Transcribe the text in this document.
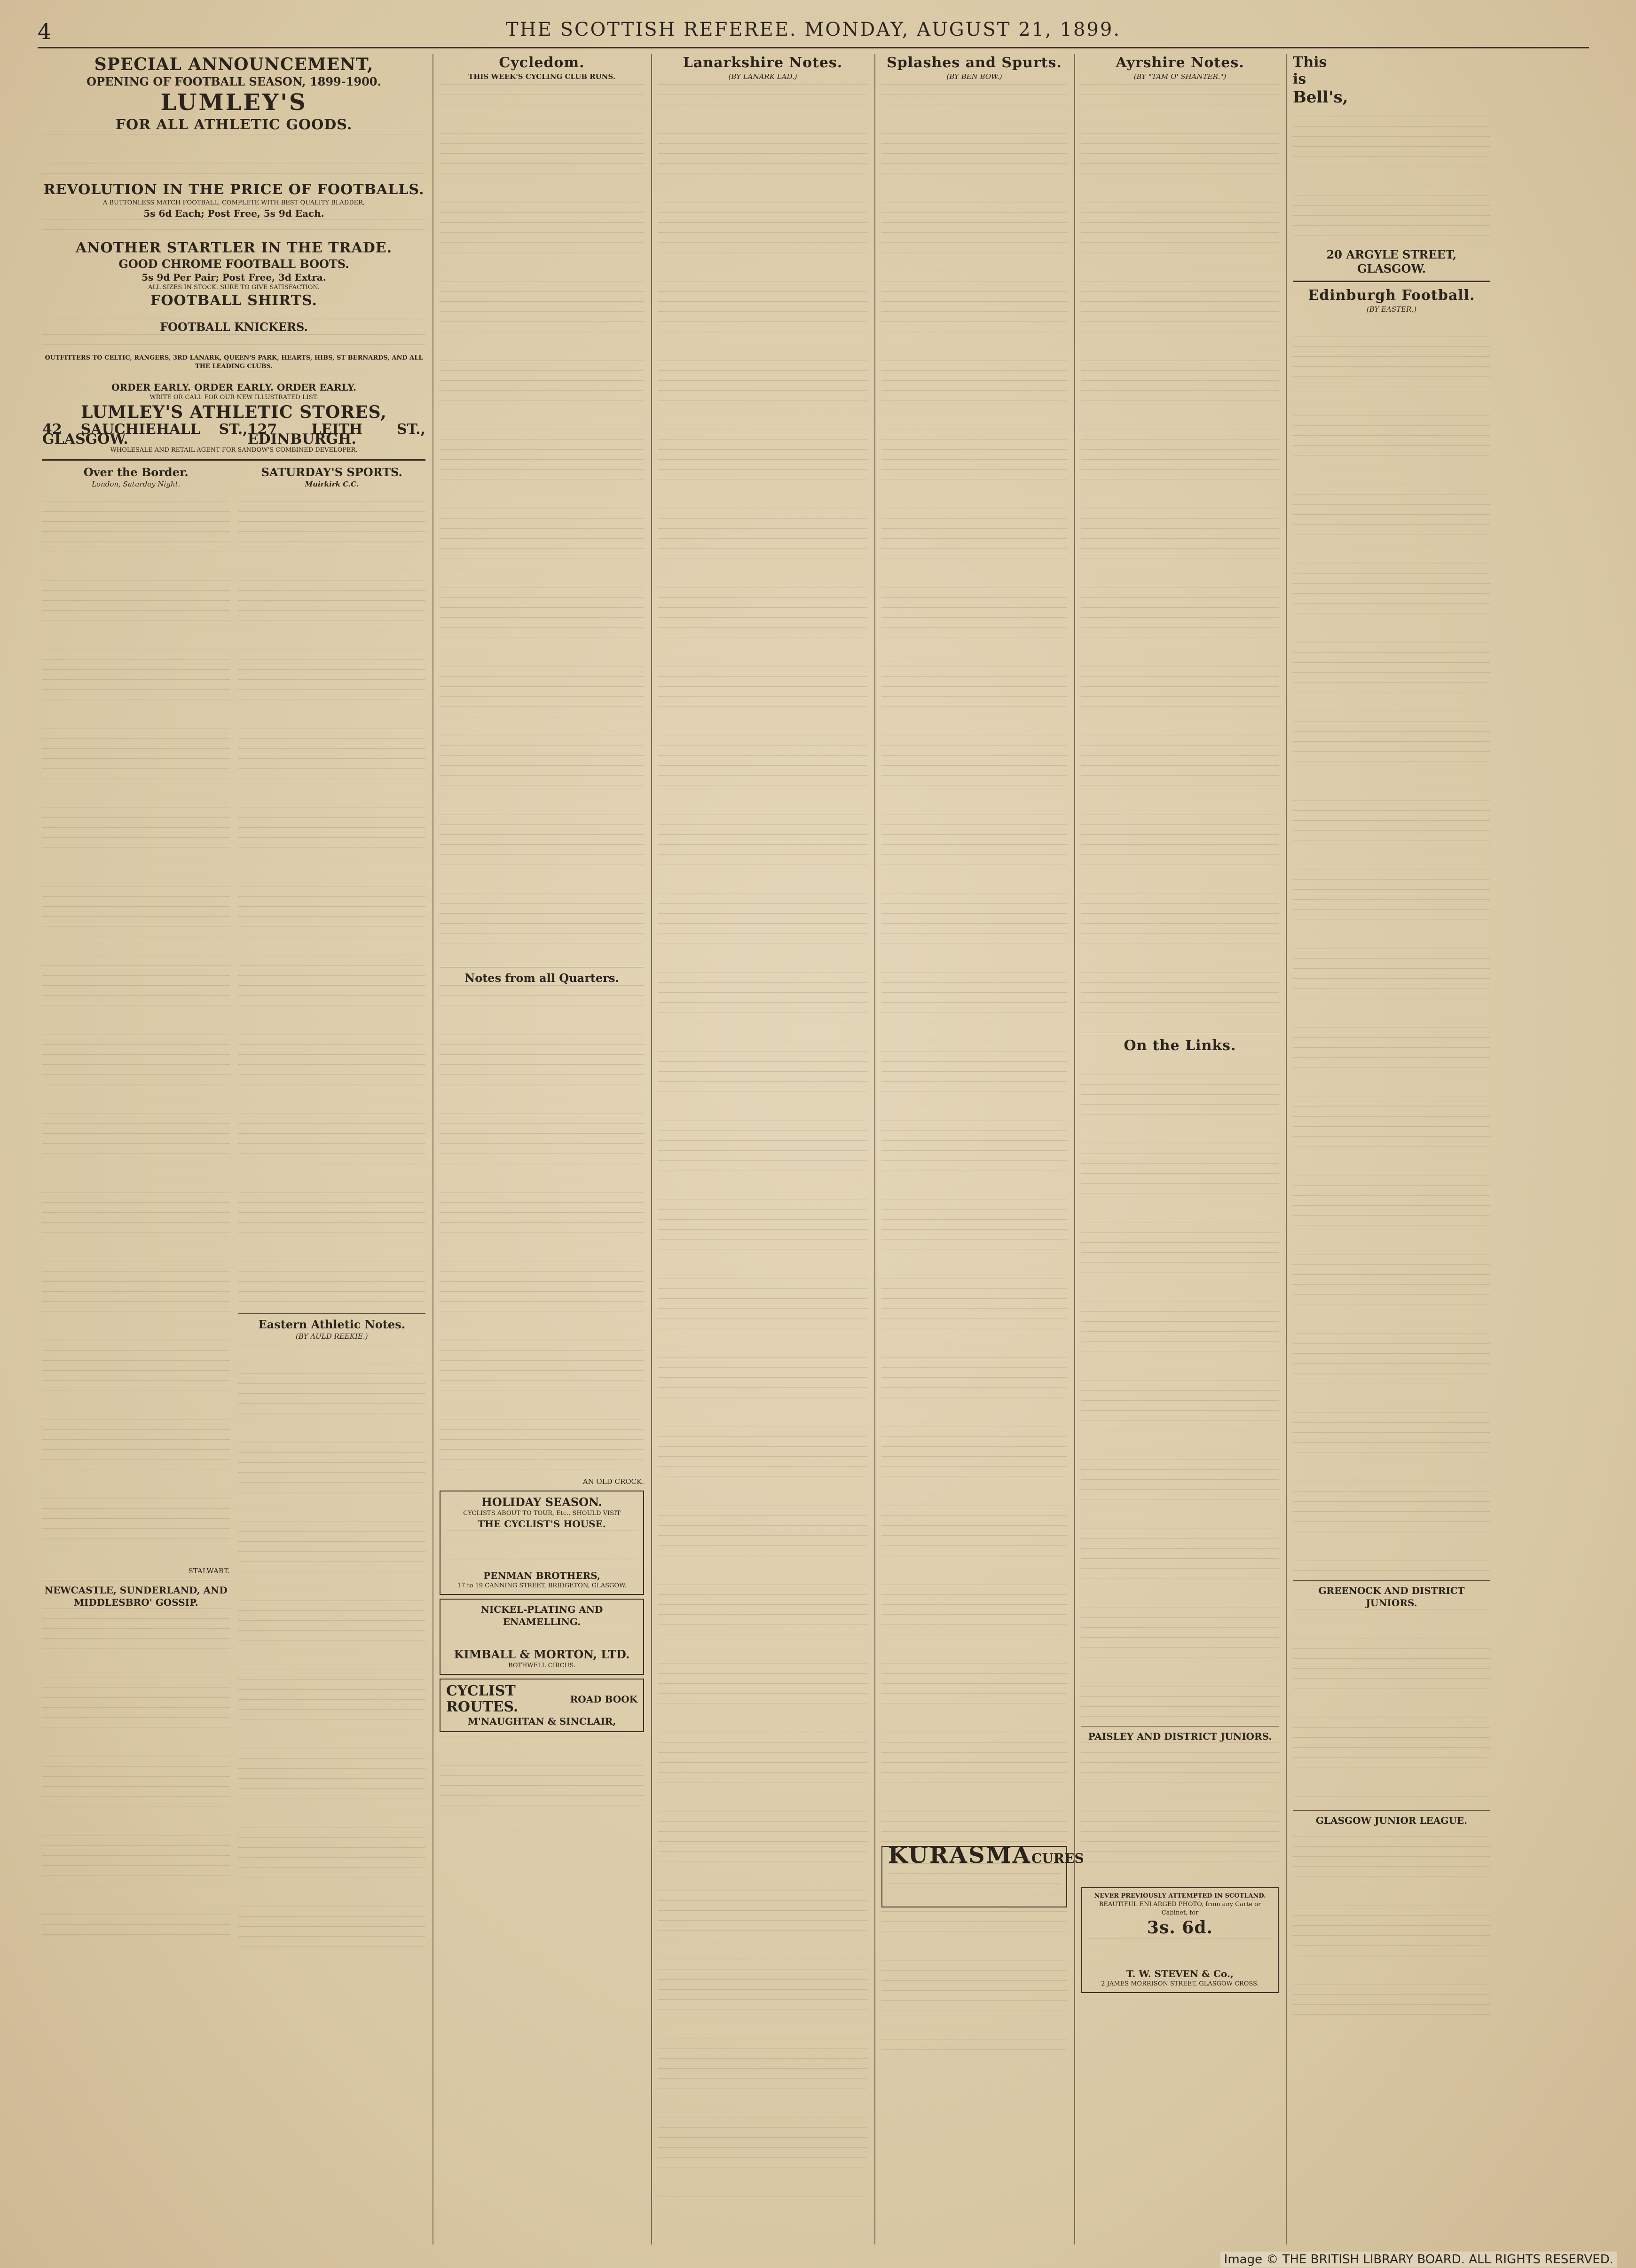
4	THE SCOTTISH REFEREE. MONDAY, AUGUST 21, 1899.
SPECIAL ANNOUNCEMENT,
OPENING OF FOOTBALL SEASON, 1899-1900.
LUMLEY'S
FOR ALL ATHLETIC GOODS.
REVOLUTION IN THE PRICE OF FOOTBALLS.
A BUTTONLESS MATCH FOOTBALL, COMPLETE WITH BEST QUALITY BLADDER,
5s 6d Each; Post Free, 5s 9d Each.
ANOTHER STARTLER IN THE TRADE.
GOOD CHROME FOOTBALL BOOTS.
5s 9d Per Pair; Post Free, 3d Extra.
ALL SIZES IN STOCK. SURE TO GIVE SATISFACTION.
FOOTBALL SHIRTS.
FOOTBALL KNICKERS.
OUTFITTERS TO CELTIC, RANGERS, 3RD LANARK, QUEEN'S PARK, HEARTS, HIBS, ST BERNARDS, AND ALL THE LEADING CLUBS.
ORDER EARLY. ORDER EARLY. ORDER EARLY.
WRITE OR CALL FOR OUR NEW ILLUSTRATED LIST.
LUMLEY'S ATHLETIC STORES,
42 SAUCHIEHALL ST., GLASGOW.
127 LEITH ST., EDINBURGH.
WHOLESALE AND RETAIL AGENT FOR SANDOW'S COMBINED DEVELOPER.
Over the Border.
London, Saturday Night.
STALWART.
NEWCASTLE, SUNDERLAND, AND MIDDLESBRO' GOSSIP.
SATURDAY'S SPORTS.
Muirkirk C.C.
Eastern Athletic Notes.
(BY AULD REEKIE.)
Cycledom.
THIS WEEK'S CYCLING CLUB RUNS.
Notes from all Quarters.
AN OLD CROCK.
HOLIDAY SEASON.
CYCLISTS ABOUT TO TOUR, Etc., SHOULD VISIT
THE CYCLIST'S HOUSE.
PENMAN BROTHERS,
17 to 19 CANNING STREET, BRIDGETON, GLASGOW.
NICKEL-PLATING AND ENAMELLING.
KIMBALL & MORTON, LTD.
BOTHWELL CIRCUS.
CYCLIST ROUTES.	ROAD BOOK
M'NAUGHTAN & SINCLAIR,
Lanarkshire Notes.
(BY LANARK LAD.)
Splashes and Spurts.
(BY BEN BOW.)
KURASMA CURES
Ayrshire Notes.
(BY "TAM O' SHANTER.")
On the Links.
PAISLEY AND DISTRICT JUNIORS.
NEVER PREVIOUSLY ATTEMPTED IN SCOTLAND.
BEAUTIFUL ENLARGED PHOTO, from any Carte or Cabinet, for
3s. 6d.
T. W. STEVEN & Co.,
2 JAMES MORRISON STREET, GLASGOW CROSS.
This
is
Bell's,
20 ARGYLE STREET, GLASGOW.
Edinburgh Football.
(BY EASTER.)
GREENOCK AND DISTRICT JUNIORS.
GLASGOW JUNIOR LEAGUE.
Image © THE BRITISH LIBRARY BOARD. ALL RIGHTS RESERVED.
